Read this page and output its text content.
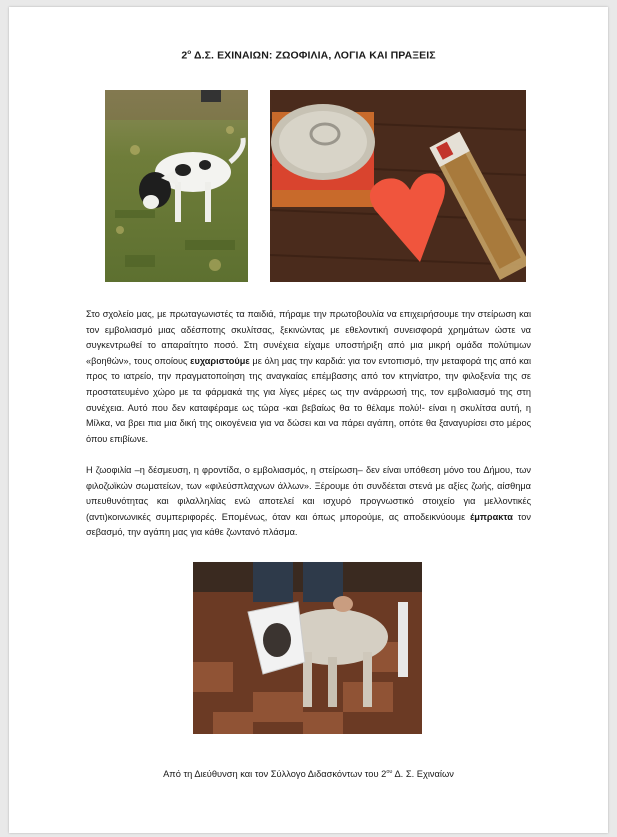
$2^o$ Δ.Σ. ΕΧΙΝΑΙΩΝ: ΖΩΟΦΙΛΙΑ, ΛΟΓΙΑ ΚΑΙ ΠΡΑΞΕΙΣ
Στο σχολείο μας, με πρωταγωνιστές τα παιδιά, πήραμε την πρωτοβουλία να επιχειρήσουμε την στείρωση και τον εμβολιασμό μιας αδέσποτης σκυλίτσας, ξεκινώντας με εθελοντική συνεισφορά χρημάτων ώστε να συγκεντρωθεί το απαραίτητο ποσό. Στη συνέχεια είχαμε υποστήριξη από μια μικρή ομάδα πολύτιμων «βοηθών», τους οποίους ευχαριστούμε με όλη μας την καρδιά: για τον εντοπισμό, την μεταφορά της από και προς το ιατρείο, την πραγματοποίηση της αναγκαίας επέμβασης από τον κτηνίατρο, την φιλοξενία της σε προστατευμένο χώρο με τα φάρμακά της για λίγες μέρες ως την ανάρρωσή της, τον εμβολιασμό της στη συνέχεια. Αυτό που δεν καταφέραμε ως τώρα -και βεβαίως θα το θέλαμε πολύ!- είναι η σκυλίτσα αυτή, η Μίλκα, να βρει πια μια δική της οικογένεια για να δώσει και να πάρει αγάπη, οπότε θα ξαναγυρίσει στο μέρος όπου επιβίωνε.
Η ζωοφιλία –η δέσμευση, η φροντίδα, ο εμβολιασμός, η στείρωση– δεν είναι υπόθεση μόνο του Δήμου, των φιλοζωϊκών σωματείων, των «φιλεύσπλαχνων άλλων». Ξέρουμε ότι συνδέεται στενά με αξίες ζωής, αίσθημα υπευθυνότητας και φιλαλληλίας ενώ αποτελεί και ισχυρό προγνωστικό στοιχείο για μελλοντικές (αντι)κοινωνικές συμπεριφορές. Επομένως, όταν και όπως μπορούμε, ας αποδεικνύουμε έμπρακτα τον σεβασμό, την αγάπη μας για κάθε ζωντανό πλάσμα.
Από τη Διεύθυνση και τον Σύλλογο Διδασκόντων του $2^{o\upsilon}$ Δ. Σ. Εχιναίων
